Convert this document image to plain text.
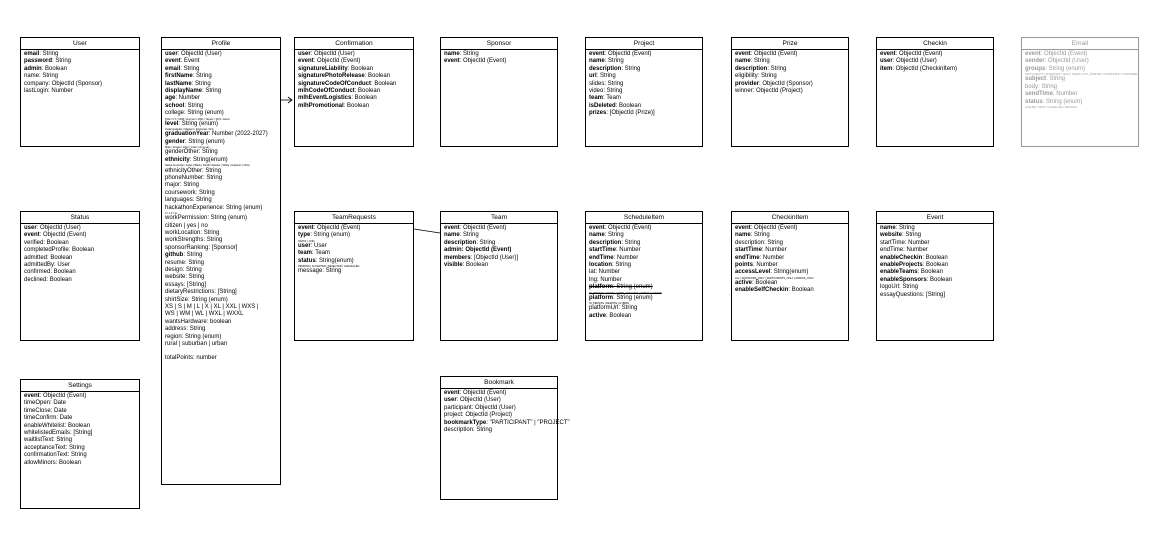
User
email: String
password: String
admin: Boolean
name: String
company: ObjectId (Sponsor)
lastLogin: Number
Profile
user: ObjectId (User)
event: Event
email: String
firstName: String
lastName: String
displayName: String
age: Number
school: String
college: String (enum)
SCE / CT / CRM / Gorman / MSC / Tepper / SCS / Heinz
level: String (enum)
Undergraduate / Masters / Doctorate / N/A
graduationYear: Number (2022-2027)
gender: String (enum)
Male / female / other / prefer not to say
genderOther: String
ethnicity: String(enum)
Native American | Asian | Black | Pacific Islander | White | Hispanic | Other
ethnicityOther: String
phoneNumber: String
major: String
coursework: String
languages: String
hackathonExperience: String (enum)
0 / 1-3 / 4+
workPermission: String (enum)
citizen | yes | no
workLocation: String
workStrengths: String
sponsorRanking: [Sponsor]
github: String
resume: String
design: String
website: String
essays: [String]
dietaryRestrictions: [String]
shirtSize: String (enum)
XS | S | M | L | X | XL | XXL | WXS |
WS | WM | WL | WXL | WXXL
wantsHardware: boolean
address: String
region: String (enum)
rural | suburban | urban
totalPoints: number
Confirmation
user: ObjectId (User)
event: ObjectId (Event)
signatureLiability: Boolean
signaturePhotoRelease: Boolean
signatureCodeOfConduct: Boolean
mlhCodeOfConduct: Boolean
mlhEventLogistics: Boolean
mlhPromotional: Boolean
Sponsor
name: String
event: ObjectId (Event)
Project
event: ObjectId (Event)
name: String
description: String
url: String
slides: String
video: String
team: Team
isDeleted: Boolean
prizes: [ObjectId (Prize)]
Prize
event: ObjectId (Event)
name: String
description: String
eligibility: String
provider: ObjectId (Sponsor)
winner: ObjectId (Project)
Checkin
event: ObjectId (Event)
user: ObjectId (User)
item: ObjectId (CheckinItem)
Email
event: ObjectId (Event)
sender: ObjectId (User)
groups: String (enum)
PARTICIPANTS | SPONSORS | TEAM | TEAMS | NOT_STARTED | COMPLETED | CONFIRMED
subject: String
body: String
sendTime: Number
status: String (enum)
QUEUED / SENT / CANCELLED / DELETED
Status
user: ObjectId (User)
event: ObjectId (Event)
verified: Boolean
completedProfile: Boolean
admitted: Boolean
admittedBy: User
confirmed: Boolean
declined: Boolean
TeamRequests
event: ObjectId (Event)
type: String (enum)
INVITE | JOIN
user: User
team: Team
status: String(enum)
PENDING | ACCEPTED | REJECTED | CANCELLED
message: String
Team
event: ObjectId (Event)
name: String
description: String
admin: ObjectId (Event)
members: [ObjectId (User)]
visible: Boolean
ScheduleItem
event: ObjectId (Event)
name: String
description: String
startTime: Number
endTime: Number
location: String
lat: Number
lng: Number
platform: String (enum)
IN_PERSON | ZOOM | HOPIN | DISCORD | TWITCH | OTHER
platform: String (enum)
IN_PERSON | REMOTE | HYBRID
platformUrl: String
active: Boolean
CheckinItem
event: ObjectId (Event)
name: String
description: String
startTime: Number
endTime: Number
points: Number
accessLevel: String(enum)
ALL | SPONSORS_ONLY | PARTICIPANTS_ONLY | ADMINS_ONLY
active: Boolean
enableSelfCheckin: Boolean
Event
name: String
website: String
startTime: Number
endTime: Number
enableCheckin: Boolean
enableProjects: Boolean
enableTeams: Boolean
enableSponsors: Boolean
logoUrl: String
essayQuestions: [String]
Settings
event: ObjectId (Event)
timeOpen: Date
timeClose: Date
timeConfirm: Date
enableWhitelist: Boolean
whitelistedEmails: [String]
waitlistText: String
acceptanceText: String
confirmationText: String
allowMinors: Boolean
Bookmark
event: ObjectId (Event)
user: ObjectId (User)
participant: ObjectId (User)
project: ObjectId (Project)
bookmarkType: "PARTICIPANT" | "PROJECT"
description: String
